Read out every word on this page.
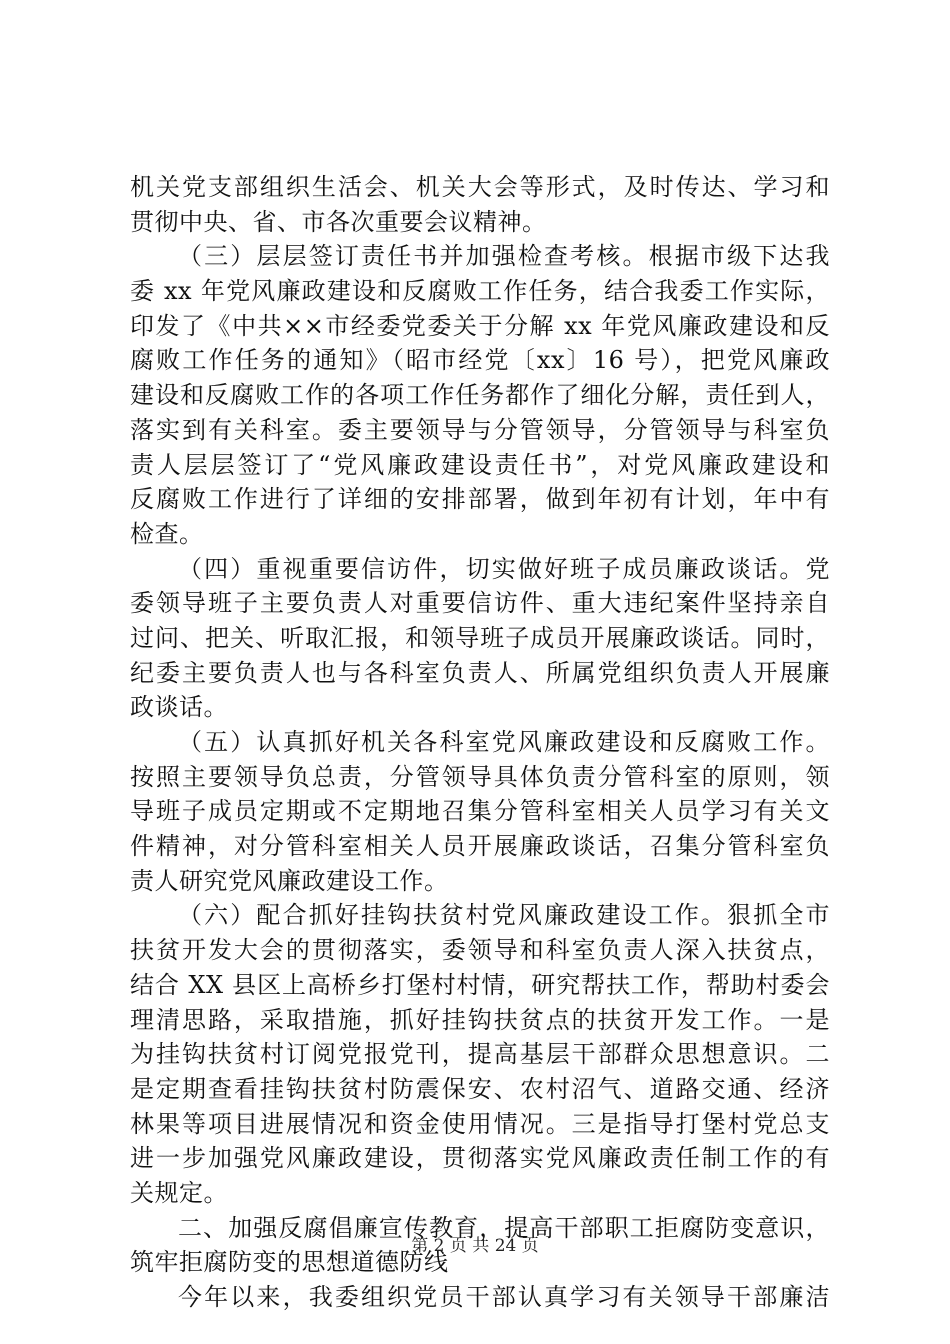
机关党支部组织生活会、机关大会等形式，及时传达、学习和
贯彻中央、省、市各次重要会议精神。
（三）层层签订责任书并加强检查考核。根据市级下达我
委 xx 年党风廉政建设和反腐败工作任务，结合我委工作实际，
印发了《中共××市经委党委关于分解 xx 年党风廉政建设和反
腐败工作任务的通知》（昭市经党〔xx〕16 号），把党风廉政
建设和反腐败工作的各项工作任务都作了细化分解，责任到人，
落实到有关科室。委主要领导与分管领导，分管领导与科室负
责人层层签订了“党风廉政建设责任书”，对党风廉政建设和
反腐败工作进行了详细的安排部署，做到年初有计划，年中有
检查。
（四）重视重要信访件，切实做好班子成员廉政谈话。党
委领导班子主要负责人对重要信访件、重大违纪案件坚持亲自
过问、把关、听取汇报，和领导班子成员开展廉政谈话。同时，
纪委主要负责人也与各科室负责人、所属党组织负责人开展廉
政谈话。
（五）认真抓好机关各科室党风廉政建设和反腐败工作。
按照主要领导负总责，分管领导具体负责分管科室的原则，领
导班子成员定期或不定期地召集分管科室相关人员学习有关文
件精神，对分管科室相关人员开展廉政谈话，召集分管科室负
责人研究党风廉政建设工作。
（六）配合抓好挂钩扶贫村党风廉政建设工作。狠抓全市
扶贫开发大会的贯彻落实，委领导和科室负责人深入扶贫点，
结合 XX 县区上高桥乡打堡村村情，研究帮扶工作，帮助村委会
理清思路，采取措施，抓好挂钩扶贫点的扶贫开发工作。一是
为挂钩扶贫村订阅党报党刊，提高基层干部群众思想意识。二
是定期查看挂钩扶贫村防震保安、农村沼气、道路交通、经济
林果等项目进展情况和资金使用情况。三是指导打堡村党总支
进一步加强党风廉政建设，贯彻落实党风廉政责任制工作的有
关规定。
二、加强反腐倡廉宣传教育，提高干部职工拒腐防变意识，
筑牢拒腐防变的思想道德防线
今年以来，我委组织党员干部认真学习有关领导干部廉洁
第 2 页 共 24 页
